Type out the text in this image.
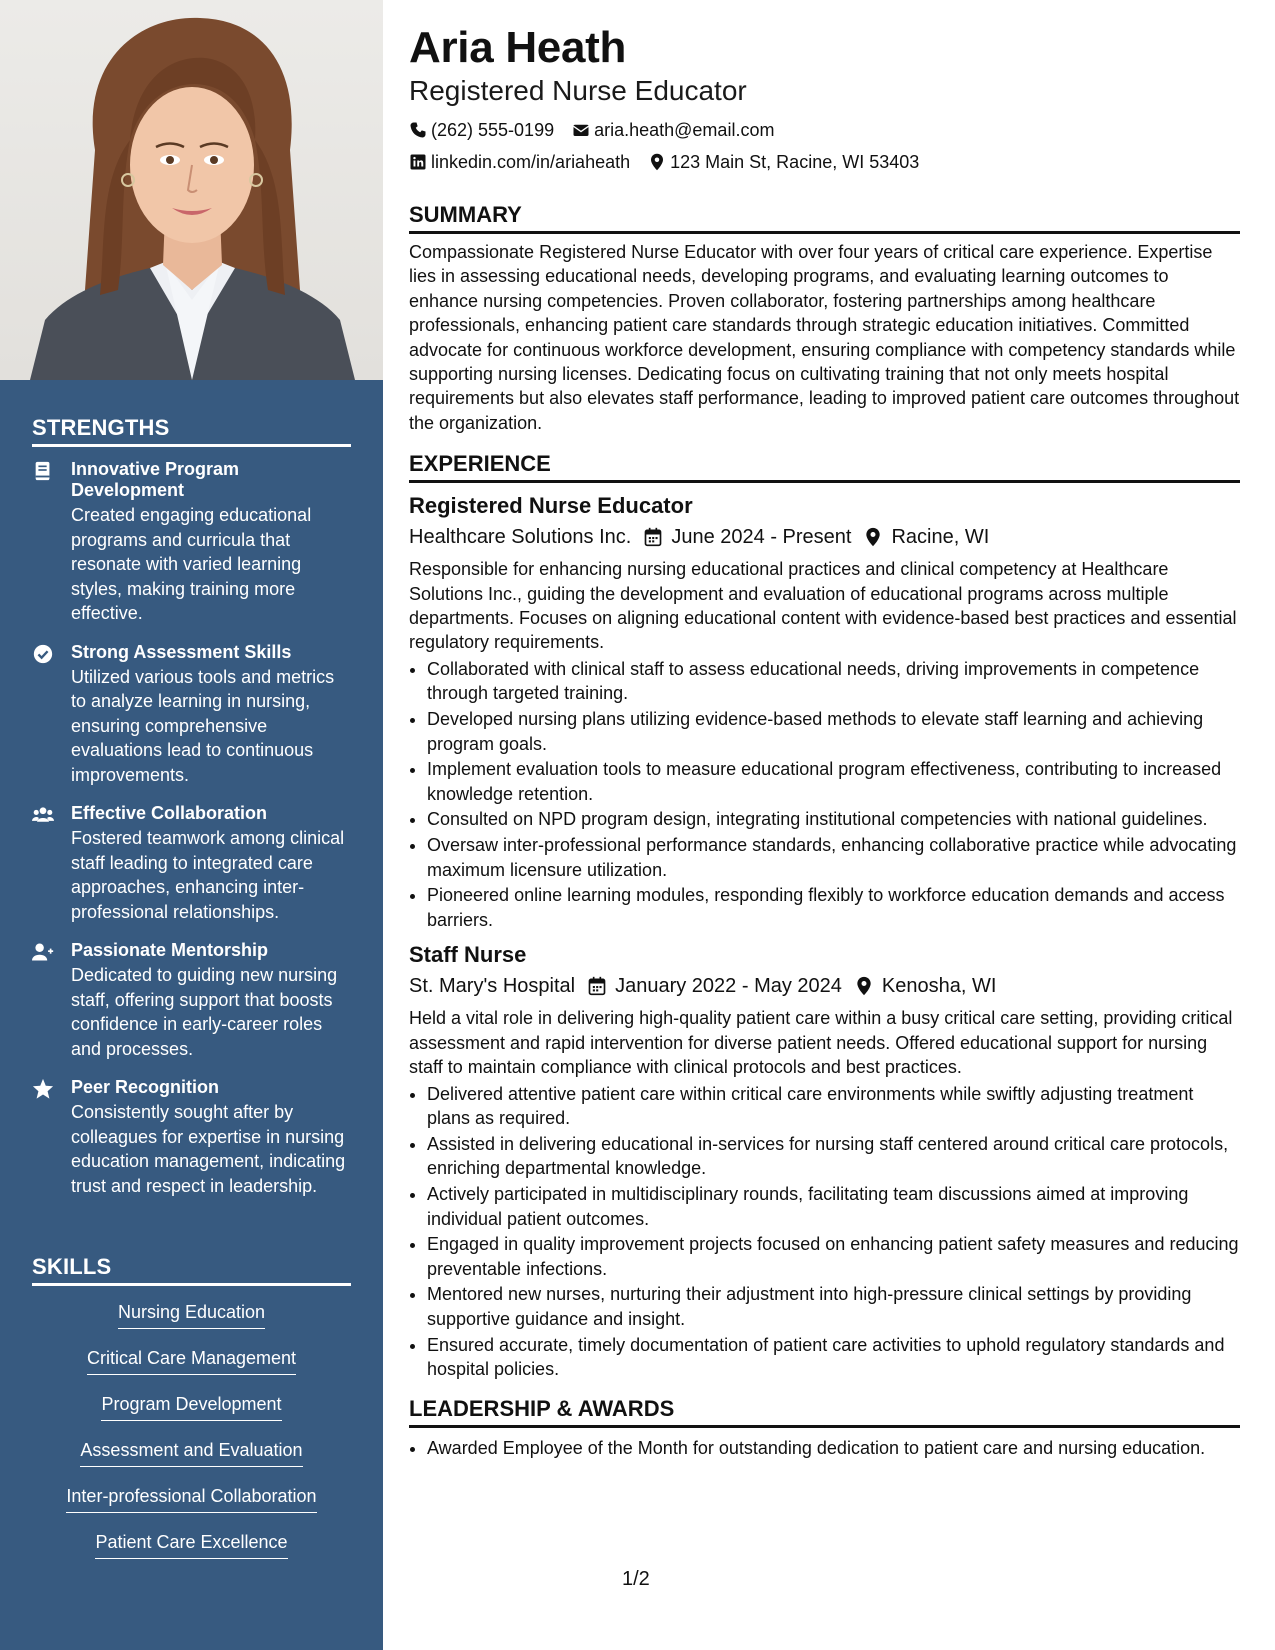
STRENGTHS
Innovative Program Development
Created engaging educational programs and curricula that resonate with varied learning styles, making training more effective.
Strong Assessment Skills
Utilized various tools and metrics to analyze learning in nursing, ensuring comprehensive evaluations lead to continuous improvements.
Effective Collaboration
Fostered teamwork among clinical staff leading to integrated care approaches, enhancing inter-professional relationships.
Passionate Mentorship
Dedicated to guiding new nursing staff, offering support that boosts confidence in early-career roles and processes.
Peer Recognition
Consistently sought after by colleagues for expertise in nursing education management, indicating trust and respect in leadership.
SKILLS
Nursing Education
Critical Care Management
Program Development
Assessment and Evaluation
Inter-professional Collaboration
Patient Care Excellence
Aria Heath
Registered Nurse Educator
(262) 555-0199 aria.heath@email.com
linkedin.com/in/ariaheath 123 Main St, Racine, WI 53403
SUMMARY

Compassionate Registered Nurse Educator with over four years of critical care experience. Expertise lies in assessing educational needs, developing programs, and evaluating learning outcomes to enhance nursing competencies. Proven collaborator, fostering partnerships among healthcare professionals, enhancing patient care standards through strategic education initiatives. Committed advocate for continuous workforce development, ensuring compliance with competency standards while supporting nursing licenses. Dedicating focus on cultivating training that not only meets hospital requirements but also elevates staff performance, leading to improved patient care outcomes throughout the organization.

EXPERIENCE
Registered Nurse Educator
Healthcare Solutions Inc. June 2024 - Present Racine, WI

Responsible for enhancing nursing educational practices and clinical competency at Healthcare Solutions Inc., guiding the development and evaluation of educational programs across multiple departments. Focuses on aligning educational content with evidence-based best practices and essential regulatory requirements.

• Collaborated with clinical staff to assess educational needs, driving improvements in competence through targeted training.
• Developed nursing plans utilizing evidence-based methods to elevate staff learning and achieving program goals.
• Implement evaluation tools to measure educational program effectiveness, contributing to increased knowledge retention.
• Consulted on NPD program design, integrating institutional competencies with national guidelines.
• Oversaw inter-professional performance standards, enhancing collaborative practice while advocating maximum licensure utilization.
• Pioneered online learning modules, responding flexibly to workforce education demands and access barriers.
Staff Nurse
St. Mary's Hospital January 2022 - May 2024 Kenosha, WI

Held a vital role in delivering high-quality patient care within a busy critical care setting, providing critical assessment and rapid intervention for diverse patient needs. Offered educational support for nursing staff to maintain compliance with clinical protocols and best practices.

• Delivered attentive patient care within critical care environments while swiftly adjusting treatment plans as required.
• Assisted in delivering educational in-services for nursing staff centered around critical care protocols, enriching departmental knowledge.
• Actively participated in multidisciplinary rounds, facilitating team discussions aimed at improving individual patient outcomes.
• Engaged in quality improvement projects focused on enhancing patient safety measures and reducing preventable infections.
• Mentored new nurses, nurturing their adjustment into high-pressure clinical settings by providing supportive guidance and insight.
• Ensured accurate, timely documentation of patient care activities to uphold regulatory standards and hospital policies.
LEADERSHIP & AWARDS
• Awarded Employee of the Month for outstanding dedication to patient care and nursing education.
1/2
